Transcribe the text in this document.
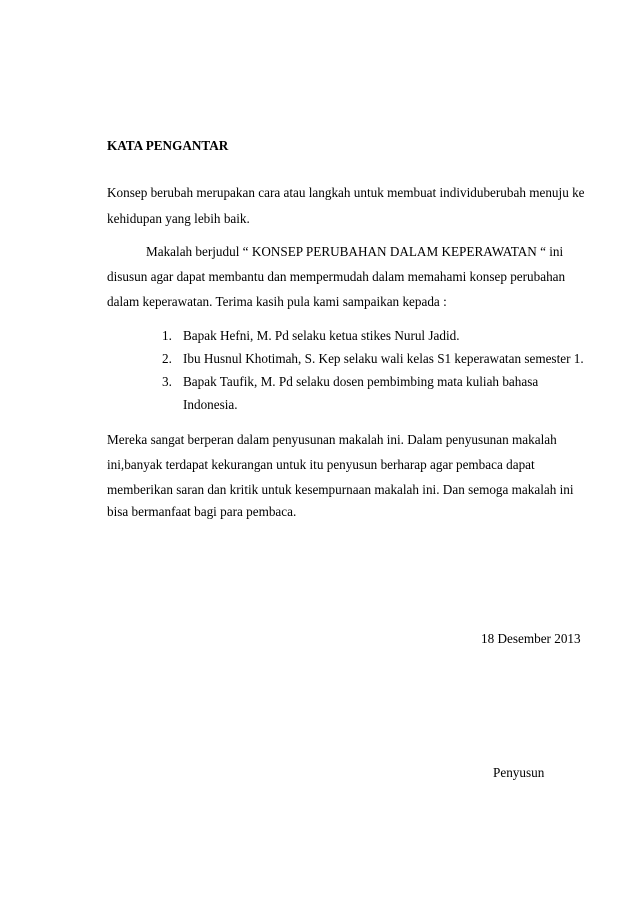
KATA PENGANTAR
Konsep berubah merupakan cara atau langkah untuk membuat individuberubah menuju ke
kehidupan yang lebih baik.
Makalah berjudul “ KONSEP PERUBAHAN DALAM KEPERAWATAN “ ini
disusun agar dapat membantu dan mempermudah dalam memahami konsep perubahan
dalam keperawatan. Terima kasih pula kami sampaikan kepada :
1. Bapak Hefni, M. Pd selaku ketua stikes Nurul Jadid.
2. Ibu Husnul Khotimah, S. Kep selaku wali kelas S1 keperawatan semester 1.
3. Bapak Taufik, M. Pd selaku dosen pembimbing mata kuliah bahasa
Indonesia.
Mereka sangat berperan dalam penyusunan makalah ini. Dalam penyusunan makalah
ini,banyak terdapat kekurangan untuk itu penyusun berharap agar pembaca dapat
memberikan saran dan kritik untuk kesempurnaan makalah ini. Dan semoga makalah ini
bisa bermanfaat bagi para pembaca.
18 Desember 2013
Penyusun
